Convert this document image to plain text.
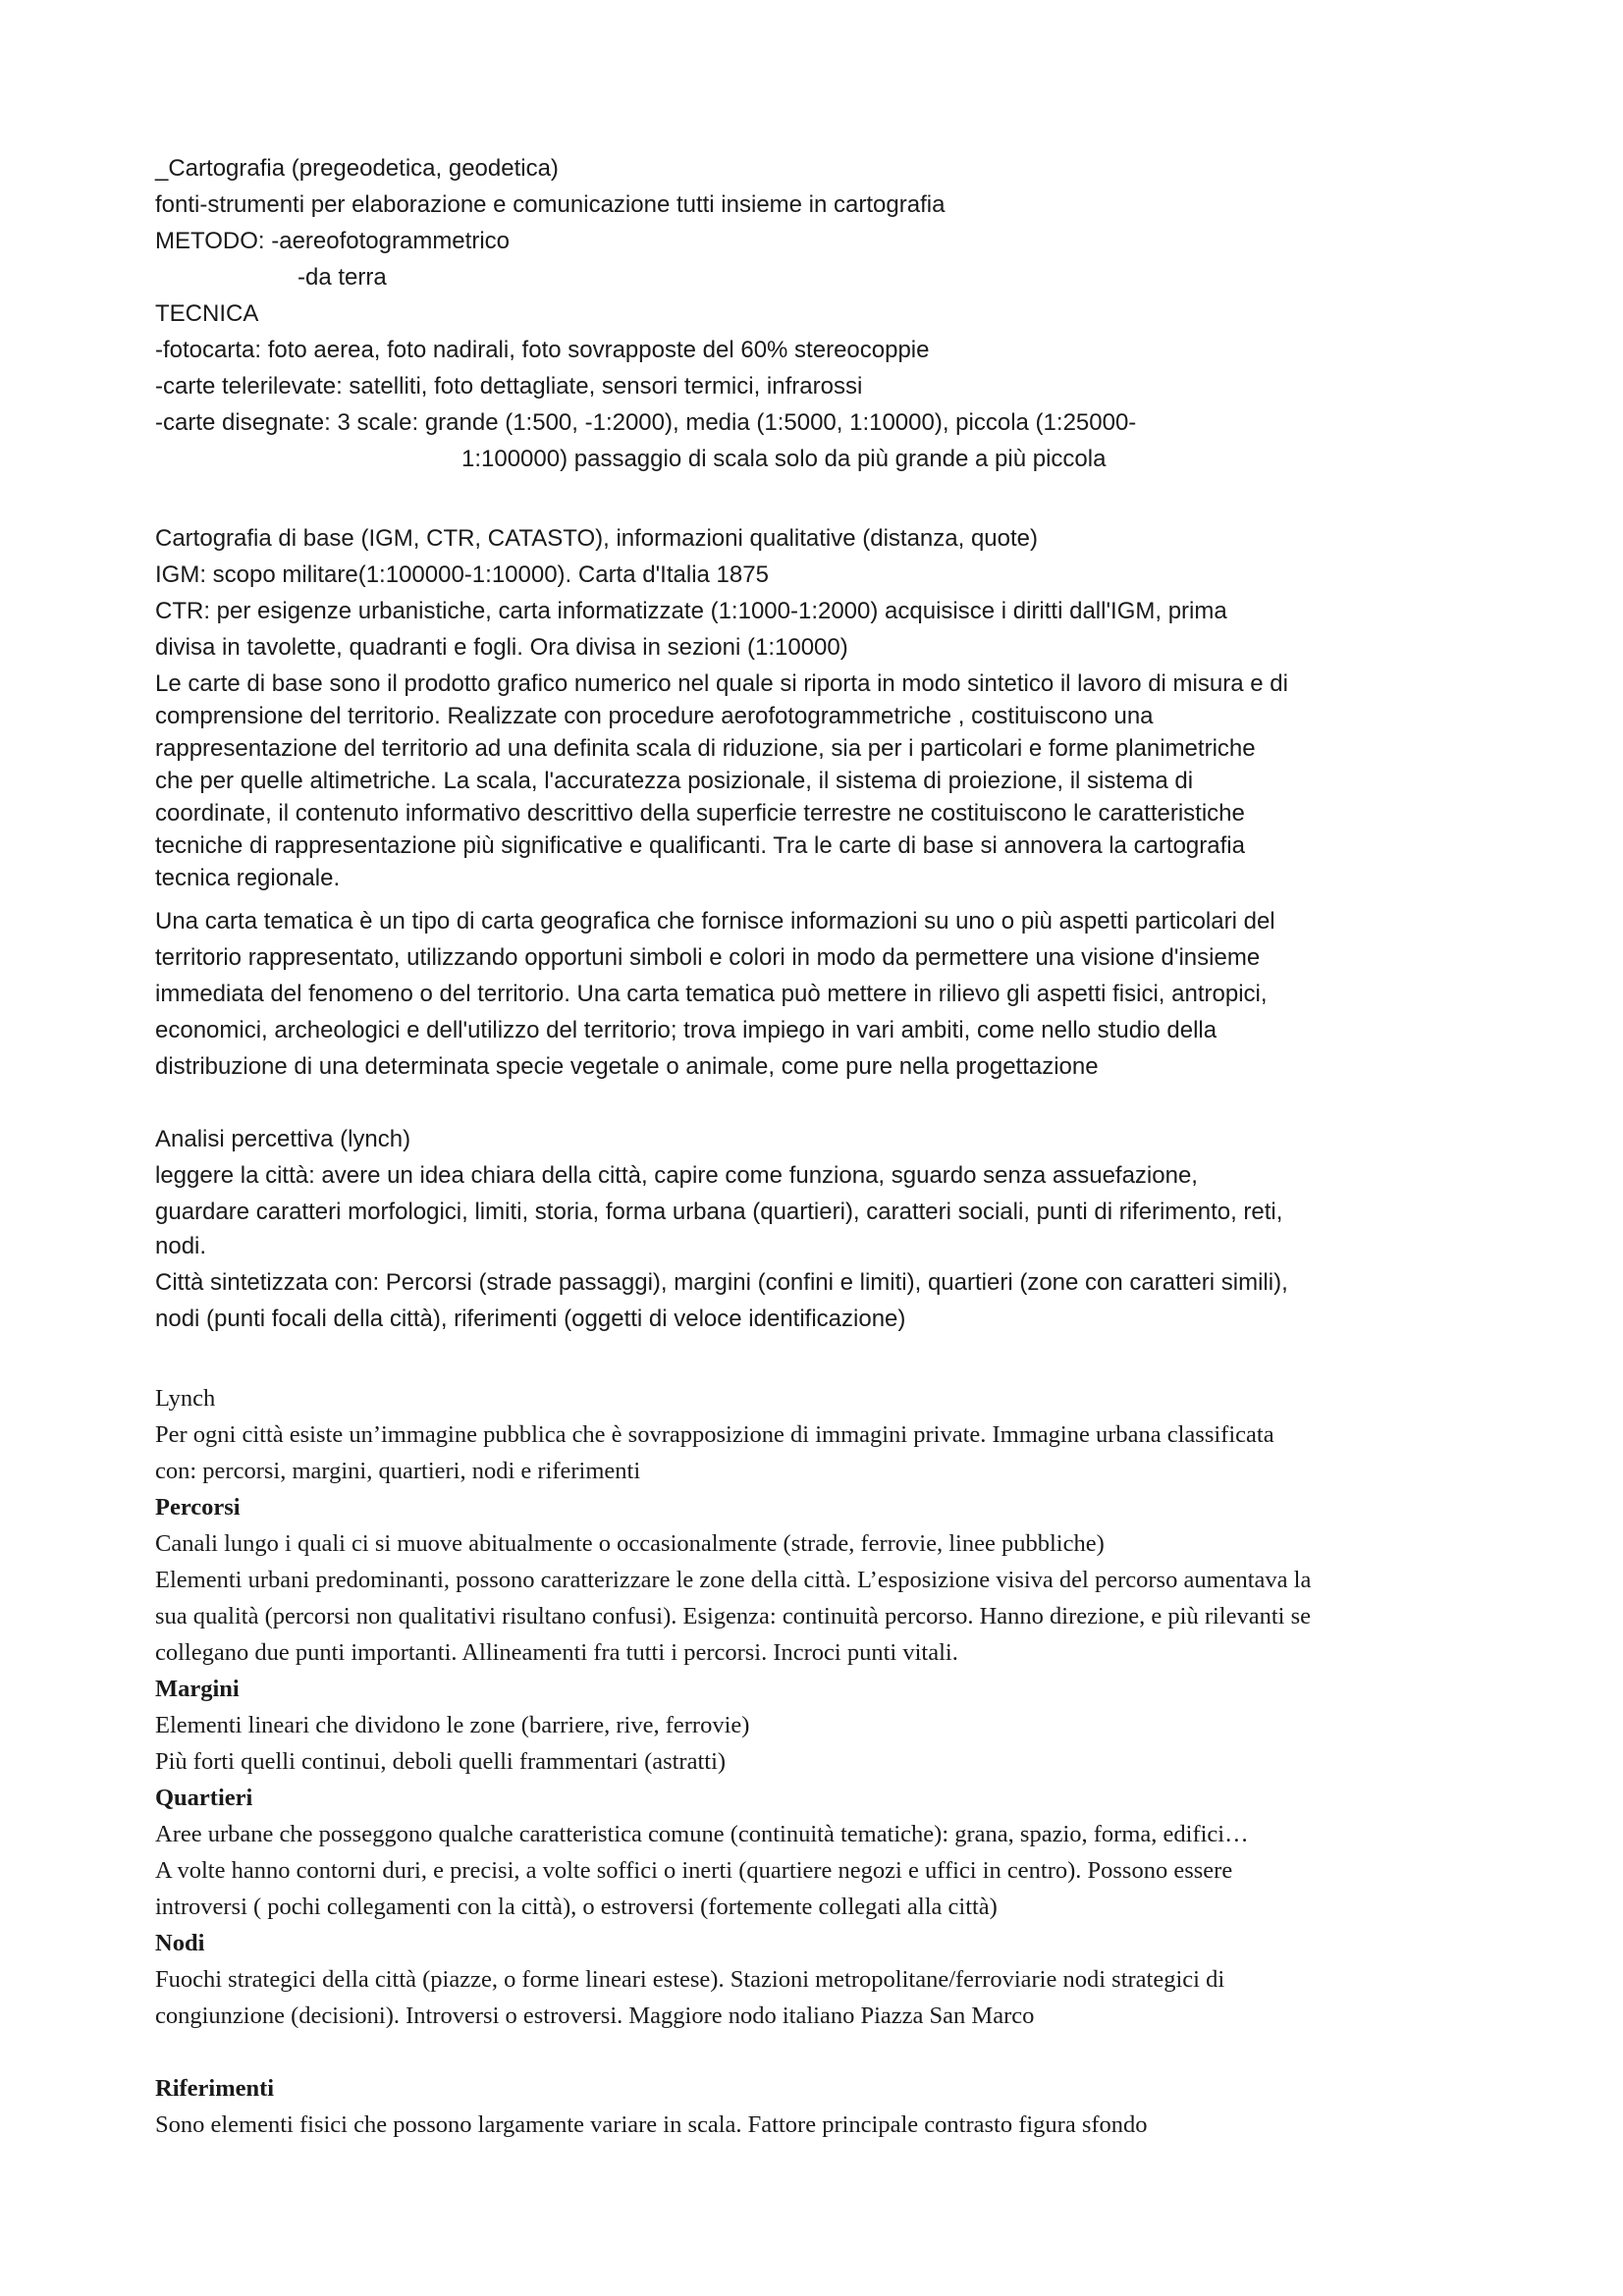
_Cartografia (pregeodetica, geodetica)

fonti-strumenti per elaborazione e comunicazione tutti insieme in cartografia

METODO: -aereofotogrammetrico

-da terra

TECNICA

-fotocarta: foto aerea, foto nadirali, foto sovrapposte del 60% stereocoppie

-carte telerilevate: satelliti, foto dettagliate, sensori termici, infrarossi

-carte disegnate: 3 scale: grande (1:500, -1:2000), media (1:5000, 1:10000), piccola (1:25000-

1:100000) passaggio di scala solo da più grande a più piccola

Cartografia di base (IGM, CTR, CATASTO), informazioni qualitative (distanza, quote)

IGM: scopo militare(1:100000-1:10000). Carta d'Italia 1875

CTR: per esigenze urbanistiche, carta informatizzate (1:1000-1:2000) acquisisce i diritti dall'IGM, prima

divisa in tavolette, quadranti e fogli. Ora divisa in sezioni (1:10000)

Le carte di base sono il prodotto grafico numerico nel quale si riporta in modo sintetico il lavoro di misura e di

comprensione del territorio. Realizzate con procedure aerofotogrammetriche , costituiscono una

rappresentazione del territorio ad una definita scala di riduzione, sia per i particolari e forme planimetriche

che per quelle altimetriche. La scala, l'accuratezza posizionale, il sistema di proiezione, il sistema di

coordinate, il contenuto informativo descrittivo della superficie terrestre ne costituiscono le caratteristiche

tecniche di rappresentazione più significative e qualificanti. Tra le carte di base si annovera la cartografia

tecnica regionale.

Una carta tematica è un tipo di carta geografica che fornisce informazioni su uno o più aspetti particolari del

territorio rappresentato, utilizzando opportuni simboli e colori in modo da permettere una visione d'insieme

immediata del fenomeno o del territorio. Una carta tematica può mettere in rilievo gli aspetti fisici, antropici,

economici, archeologici e dell'utilizzo del territorio; trova impiego in vari ambiti, come nello studio della

distribuzione di una determinata specie vegetale o animale, come pure nella progettazione

Analisi percettiva (lynch)

leggere la città: avere un idea chiara della città, capire come funziona, sguardo senza assuefazione,

guardare caratteri morfologici, limiti, storia, forma urbana (quartieri), caratteri sociali, punti di riferimento, reti,

nodi.

Città sintetizzata con: Percorsi (strade passaggi), margini (confini e limiti), quartieri (zone con caratteri simili),

nodi (punti focali della città), riferimenti (oggetti di veloce identificazione)

Lynch

Per ogni città esiste un’immagine pubblica che è sovrapposizione di immagini private. Immagine urbana classificata

con: percorsi, margini, quartieri, nodi e riferimenti

Percorsi

Canali lungo i quali ci si muove abitualmente o occasionalmente (strade, ferrovie, linee pubbliche)

Elementi urbani predominanti, possono caratterizzare le zone della città. L’esposizione visiva del percorso aumentava la

sua qualità (percorsi non qualitativi risultano confusi). Esigenza: continuità percorso. Hanno direzione, e più rilevanti se

collegano due punti importanti. Allineamenti fra tutti i percorsi. Incroci punti vitali.

Margini

Elementi lineari che dividono le zone (barriere, rive, ferrovie)

Più forti quelli continui, deboli quelli frammentari (astratti)

Quartieri

Aree urbane che posseggono qualche caratteristica comune (continuità tematiche): grana, spazio, forma, edifici…

A volte hanno contorni duri, e precisi, a volte soffici o inerti (quartiere negozi e uffici in centro). Possono essere

introversi ( pochi collegamenti con la città), o estroversi (fortemente collegati alla città)

Nodi

Fuochi strategici della città (piazze, o forme lineari estese). Stazioni metropolitane/ferroviarie nodi strategici di

congiunzione (decisioni). Introversi o estroversi. Maggiore nodo italiano Piazza San Marco

Riferimenti

Sono elementi fisici che possono largamente variare in scala. Fattore principale contrasto figura sfondo
